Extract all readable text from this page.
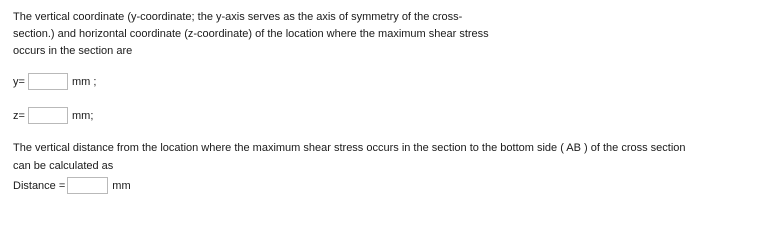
The vertical coordinate (y-coordinate; the y-axis serves as the axis of symmetry of the cross-
section.) and horizontal coordinate (z-coordinate) of the location where the maximum shear stress
occurs in the section are
y=	mm ;
z=	mm;
The vertical distance from the location where the maximum shear stress occurs in the section to the bottom side ( AB ) of the cross section
can be calculated as
Distance =	mm
